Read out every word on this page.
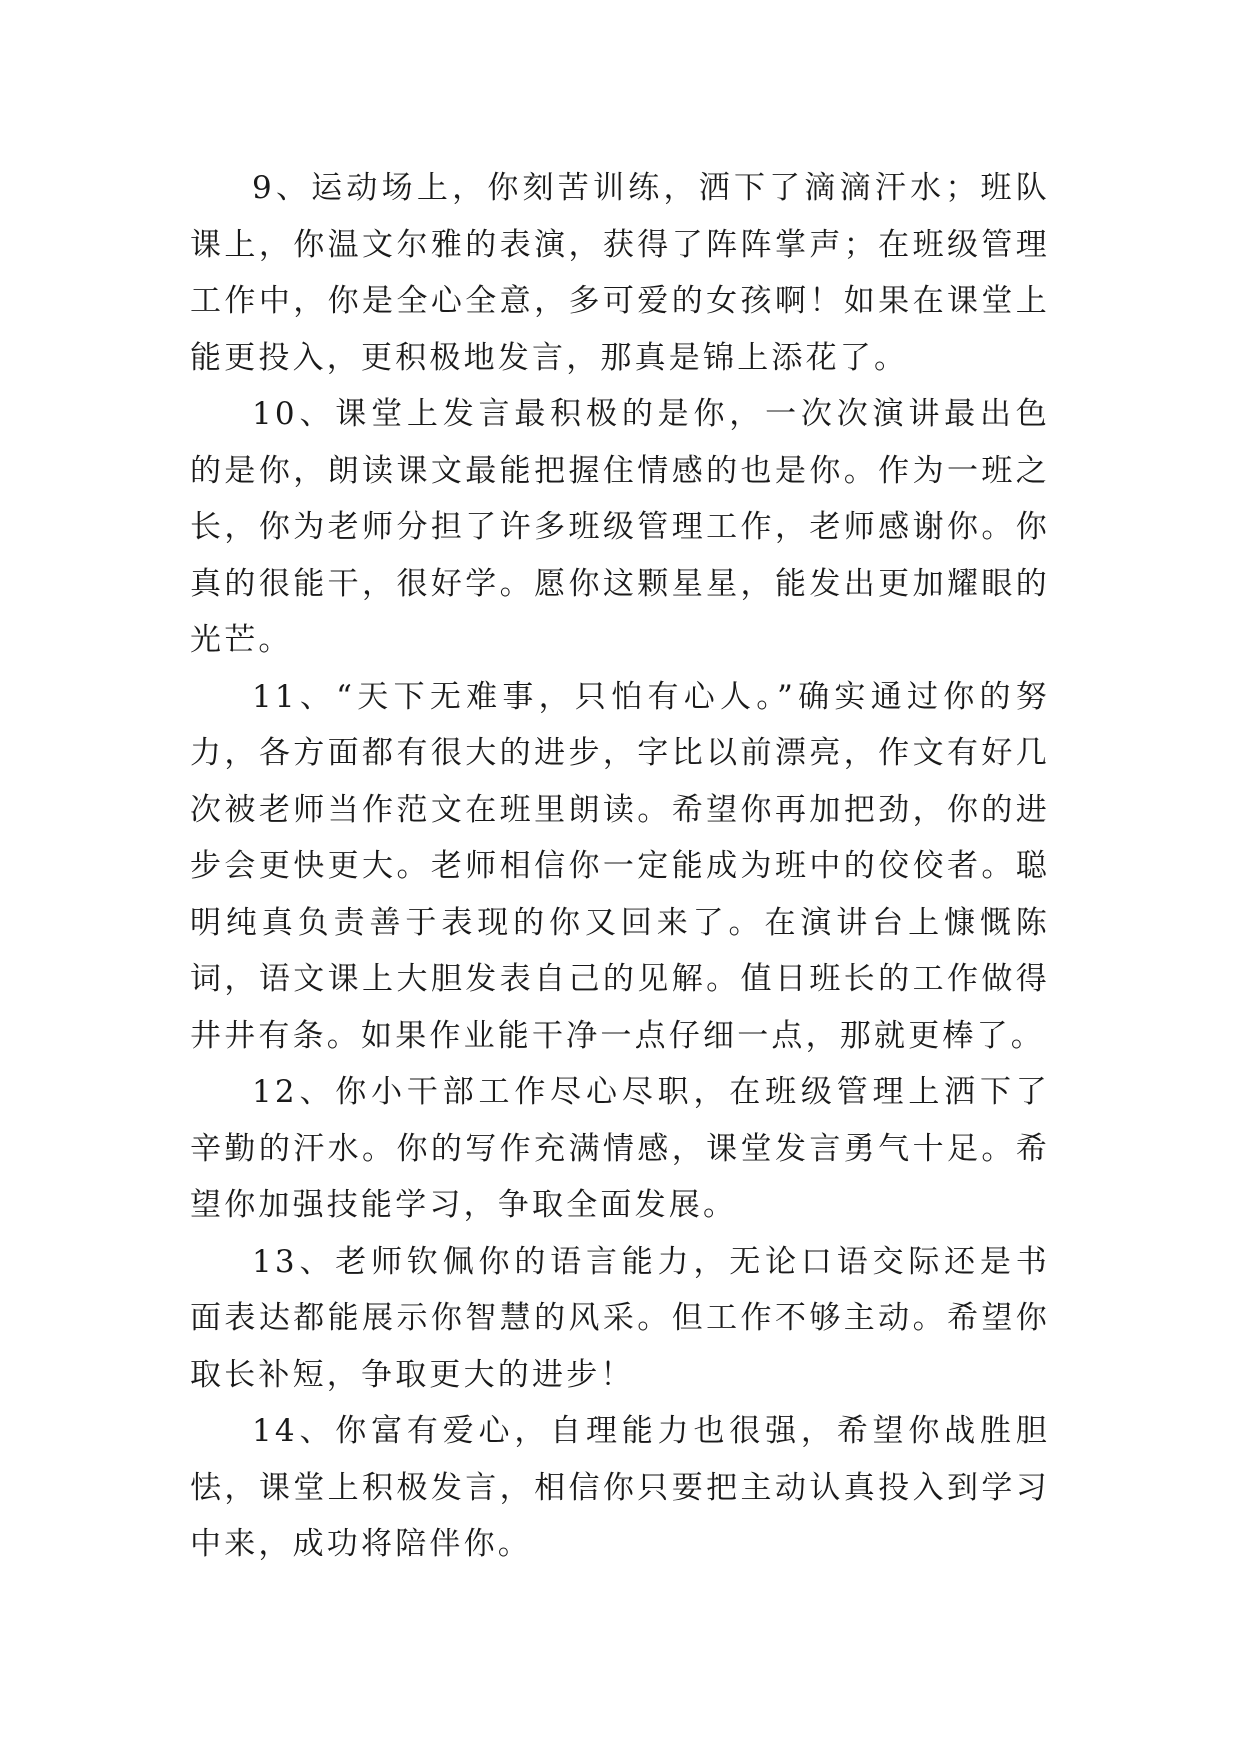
9、运动场上，你刻苦训练，洒下了滴滴汗水；班队课上，你温文尔雅的表演，获得了阵阵掌声；在班级管理工作中，你是全心全意，多可爱的女孩啊！如果在课堂上能更投入，更积极地发言，那真是锦上添花了。

10、课堂上发言最积极的是你，一次次演讲最出色的是你，朗读课文最能把握住情感的也是你。作为一班之长，你为老师分担了许多班级管理工作，老师感谢你。你真的很能干，很好学。愿你这颗星星，能发出更加耀眼的光芒。

11、“天下无难事，只怕有心人。”确实通过你的努力，各方面都有很大的进步，字比以前漂亮，作文有好几次被老师当作范文在班里朗读。希望你再加把劲，你的进步会更快更大。老师相信你一定能成为班中的佼佼者。聪明纯真负责善于表现的你又回来了。在演讲台上慷慨陈词，语文课上大胆发表自己的见解。值日班长的工作做得井井有条。如果作业能干净一点仔细一点，那就更棒了。

12、你小干部工作尽心尽职，在班级管理上洒下了辛勤的汗水。你的写作充满情感，课堂发言勇气十足。希望你加强技能学习，争取全面发展。

13、老师钦佩你的语言能力，无论口语交际还是书面表达都能展示你智慧的风采。但工作不够主动。希望你取长补短，争取更大的进步！

14、你富有爱心，自理能力也很强，希望你战胜胆怯，课堂上积极发言，相信你只要把主动认真投入到学习中来，成功将陪伴你。
